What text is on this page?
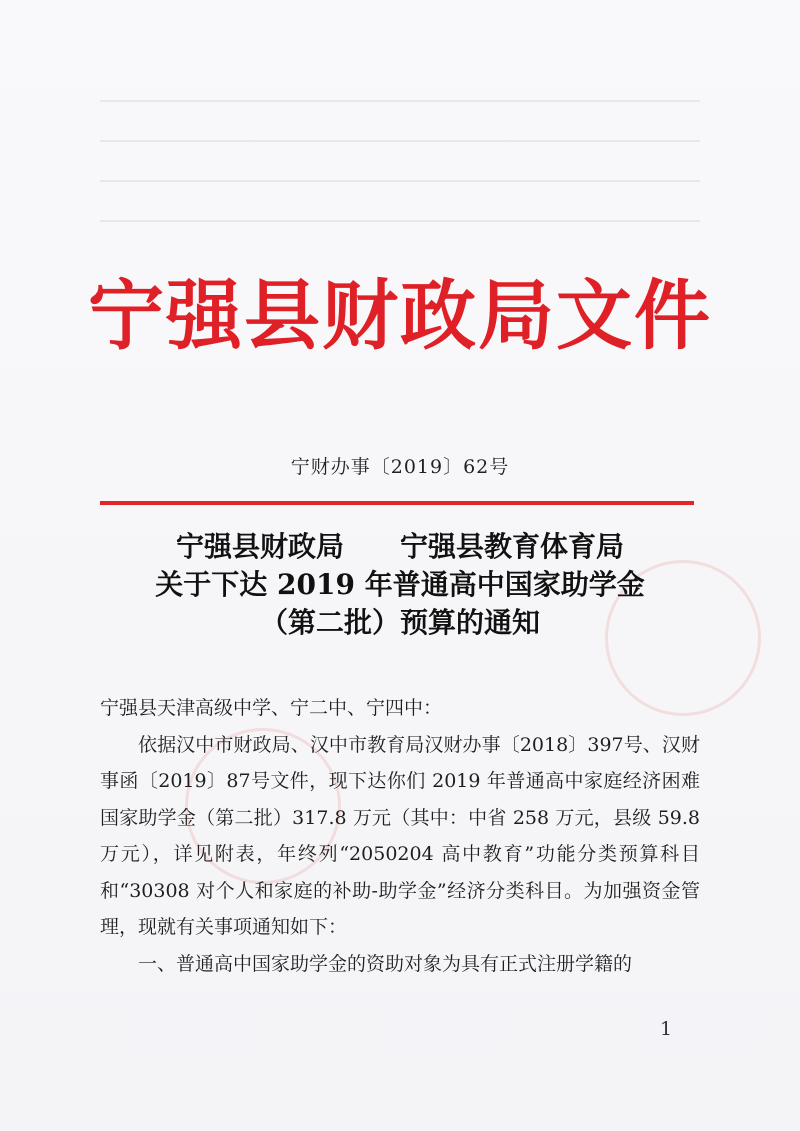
宁强县财政局文件
宁财办事〔2019〕62号
宁强县财政局　　宁强县教育体育局
关于下达 2019 年普通高中国家助学金
（第二批）预算的通知

宁强县天津高级中学、宁二中、宁四中：

依据汉中市财政局、汉中市教育局汉财办事〔2018〕397号、汉财事函〔2019〕87号文件，现下达你们 2019 年普通高中家庭经济困难国家助学金（第二批）317.8 万元（其中：中省 258 万元，县级 59.8 万元），详见附表，年终列“2050204 高中教育”功能分类预算科目和“30308 对个人和家庭的补助-助学金”经济分类科目。为加强资金管理，现就有关事项通知如下：

一、普通高中国家助学金的资助对象为具有正式注册学籍的

1
